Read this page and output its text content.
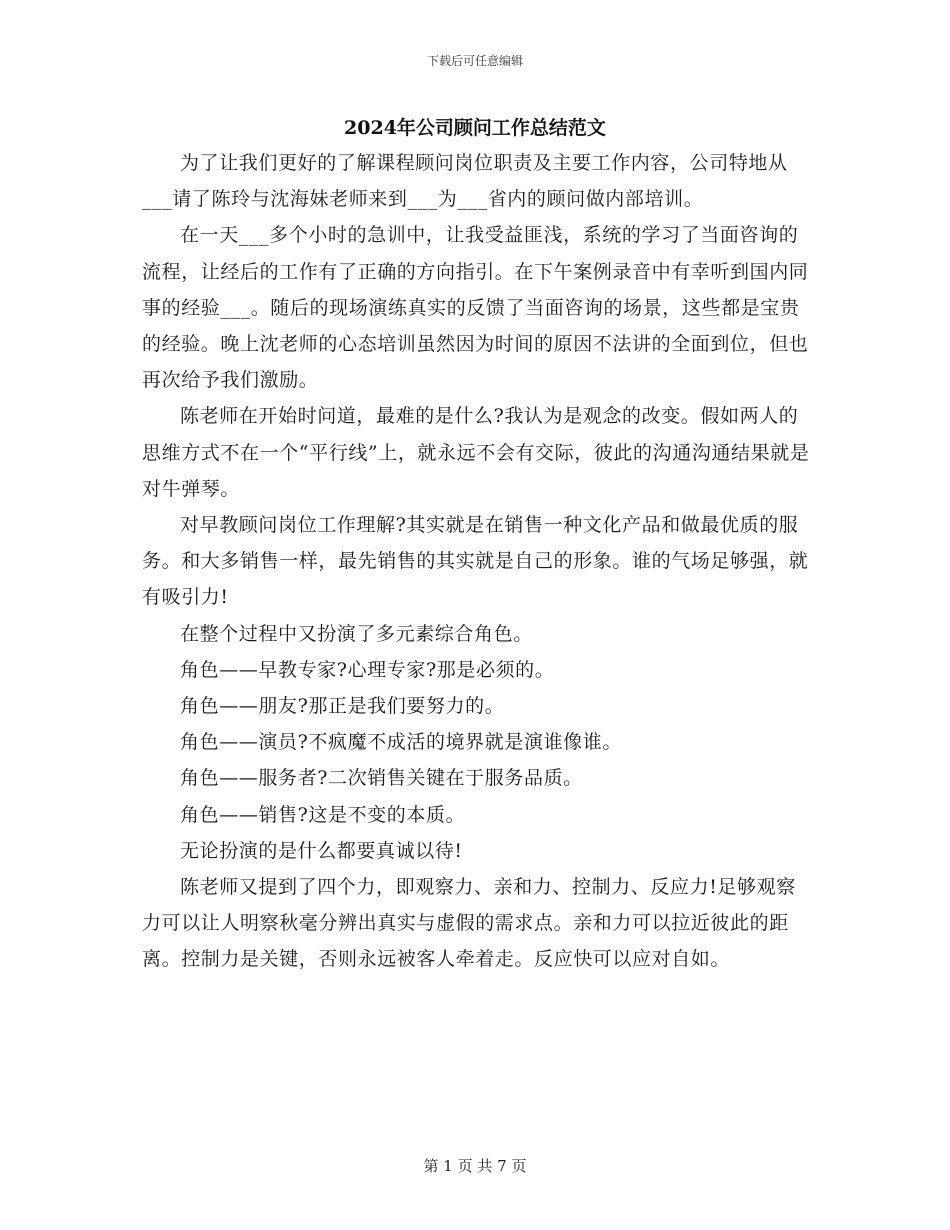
下载后可任意编辑
2024年公司顾问工作总结范文

为了让我们更好的了解课程顾问岗位职责及主要工作内容，公司特地从___请了陈玲与沈海妹老师来到___为___省内的顾问做内部培训。

在一天___多个小时的急训中，让我受益匪浅，系统的学习了当面咨询的流程，让经后的工作有了正确的方向指引。在下午案例录音中有幸听到国内同事的经验___。随后的现场演练真实的反馈了当面咨询的场景，这些都是宝贵的经验。晚上沈老师的心态培训虽然因为时间的原因不法讲的全面到位，但也再次给予我们激励。

陈老师在开始时问道，最难的是什么?我认为是观念的改变。假如两人的思维方式不在一个“平行线”上，就永远不会有交际，彼此的沟通沟通结果就是对牛弹琴。

对早教顾问岗位工作理解?其实就是在销售一种文化产品和做最优质的服务。和大多销售一样，最先销售的其实就是自己的形象。谁的气场足够强，就有吸引力!

在整个过程中又扮演了多元素综合角色。

角色——早教专家?心理专家?那是必须的。

角色——朋友?那正是我们要努力的。

角色——演员?不疯魔不成活的境界就是演谁像谁。

角色——服务者?二次销售关键在于服务品质。

角色——销售?这是不变的本质。

无论扮演的是什么都要真诚以待!

陈老师又提到了四个力，即观察力、亲和力、控制力、反应力!足够观察力可以让人明察秋毫分辨出真实与虚假的需求点。亲和力可以拉近彼此的距离。控制力是关键，否则永远被客人牵着走。反应快可以应对自如。

第 1 页 共 7 页
